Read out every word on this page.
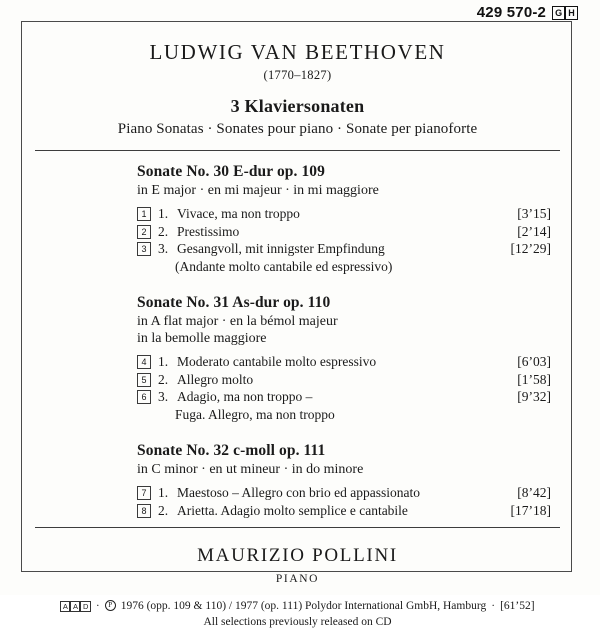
429 570-2	G H
LUDWIG VAN BEETHOVEN
(1770–1827)
3 Klaviersonaten
Piano Sonatas · Sonates pour piano · Sonate per pianoforte
Sonate No. 30 E-dur op. 109
in E major · en mi majeur · in mi maggiore
1 1. Vivace, ma non troppo	[3’15]
2 2. Prestissimo	[2’14]
3 3. Gesangvoll, mit innigster Empfindung	[12’29]
(Andante molto cantabile ed espressivo)
Sonate No. 31 As-dur op. 110
in A flat major · en la bémol majeur
in la bemolle maggiore
4 1. Moderato cantabile molto espressivo	[6’03]
5 2. Allegro molto	[1’58]
6 3. Adagio, ma non troppo –	[9’32]
Fuga. Allegro, ma non troppo
Sonate No. 32 c-moll op. 111
in C minor · en ut mineur · in do minore
7 1. Maestoso – Allegro con brio ed appassionato	[8’42]
8 2. Arietta. Adagio molto semplice e cantabile	[17’18]
MAURIZIO POLLINI
PIANO
A A D ·	P 1976 (opp. 109 & 110) / 1977 (op. 111) Polydor International GmbH, Hamburg · [61’52]
All selections previously released on CD
